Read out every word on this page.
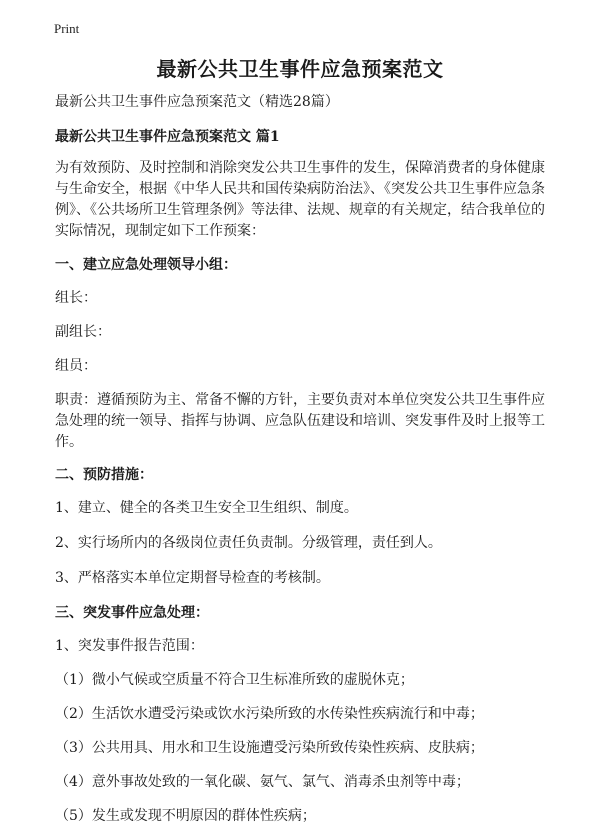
Print
最新公共卫生事件应急预案范文

最新公共卫生事件应急预案范文（精选28篇）

最新公共卫生事件应急预案范文 篇1

为有效预防、及时控制和消除突发公共卫生事件的发生，保障消费者的身体健康与生命安全，根据《中华人民共和国传染病防治法》、《突发公共卫生事件应急条例》、《公共场所卫生管理条例》等法律、法规、规章的有关规定，结合我单位的实际情况，现制定如下工作预案：

一、建立应急处理领导小组：

组长：

副组长：

组员：

职责：遵循预防为主、常备不懈的方针，主要负责对本单位突发公共卫生事件应急处理的统一领导、指挥与协调、应急队伍建设和培训、突发事件及时上报等工作。

二、预防措施：

1、建立、健全的各类卫生安全卫生组织、制度。

2、实行场所内的各级岗位责任负责制。分级管理，责任到人。

3、严格落实本单位定期督导检查的考核制。

三、突发事件应急处理：

1、突发事件报告范围：

（1）微小气候或空质量不符合卫生标准所致的虚脱休克；

（2）生活饮水遭受污染或饮水污染所致的水传染性疾病流行和中毒；

（3）公共用具、用水和卫生设施遭受污染所致传染性疾病、皮肤病；

（4）意外事故处致的一氧化碳、氨气、氯气、消毒杀虫剂等中毒；

（5）发生或发现不明原因的群体性疾病；
